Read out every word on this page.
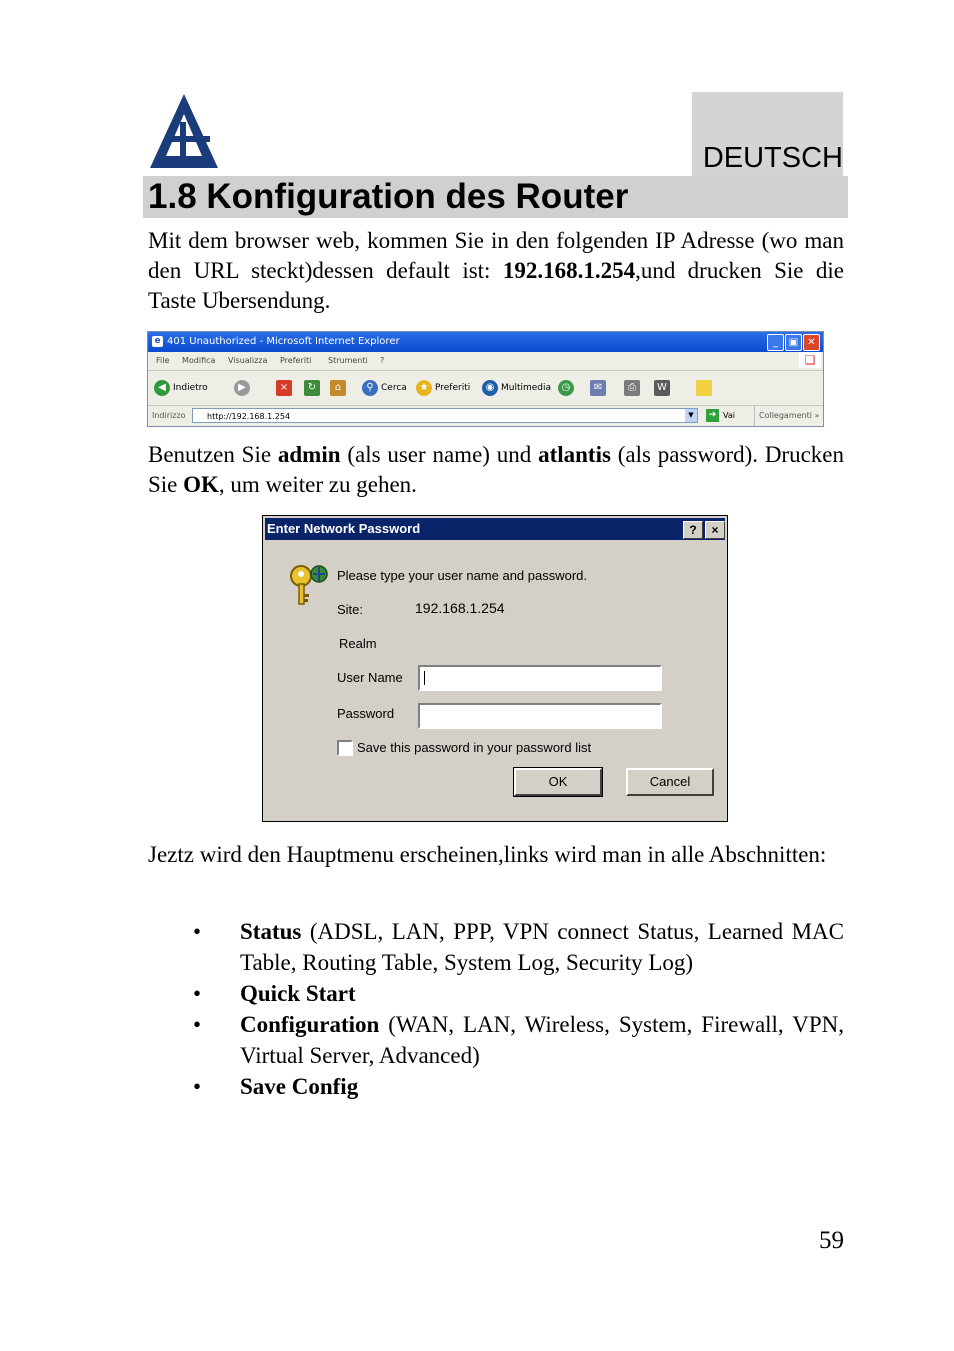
DEUTSCH
1.8 Konfiguration des Router
Mit dem browser web, kommen Sie in den folgenden IP Adresse (wo man den URL steckt)dessen default ist: 192.168.1.254,und drucken Sie die Taste Ubersendung.
e 401 Unauthorized - Microsoft Internet Explorer	_	▣ ✕
File Modifica Visualizza Preferiti Strumenti ?	❏
◀ Indietro	▶	×	↻	⌂	⚲ Cerca	★ Preferiti	◉ Multimedia	◷	✉	⎙	W
Indirizzo	http://192.168.1.254	▼	➜ Vai	Collegamenti »
Benutzen Sie admin (als user name) und atlantis (als password). Drucken Sie OK, um weiter zu gehen.
Enter Network Password	?	×
Please type your user name and password.
Site:	192.168.1.254
Realm
User Name
Password
Save this password in your password list
OK	Cancel
Jeztz wird den Hauptmenu erscheinen,links wird man in alle Abschnitten:
• Status (ADSL, LAN, PPP, VPN connect Status, Learned MAC Table, Routing Table, System Log, Security Log)
• Quick Start
• Configuration (WAN, LAN, Wireless, System, Firewall, VPN, Virtual Server, Advanced)
• Save Config
59
